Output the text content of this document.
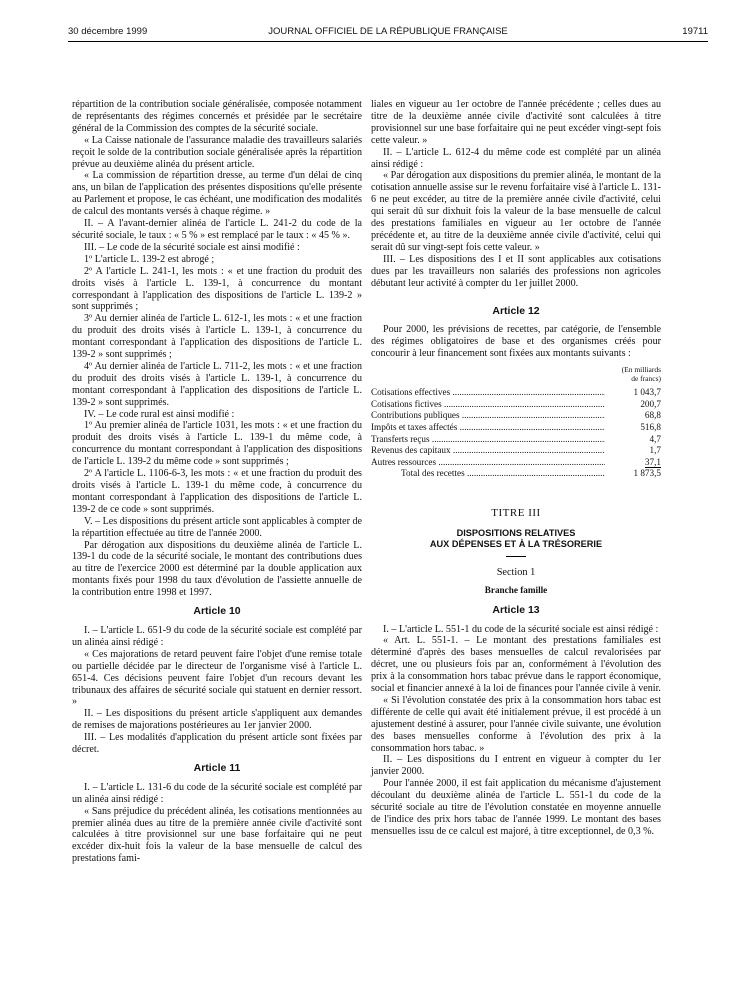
30 décembre 1999	JOURNAL OFFICIEL DE LA RÉPUBLIQUE FRANÇAISE	19711

répartition de la contribution sociale généralisée, composée notamment de représentants des régimes concernés et présidée par le secrétaire général de la Commission des comptes de la sécurité sociale.

« La Caisse nationale de l'assurance maladie des travailleurs salariés reçoit le solde de la contribution sociale généralisée après la répartition prévue au deuxième alinéa du présent article.

« La commission de répartition dresse, au terme d'un délai de cinq ans, un bilan de l'application des présentes dispositions qu'elle présente au Parlement et propose, le cas échéant, une modification des modalités de calcul des montants versés à chaque régime. »

II. – A l'avant-dernier alinéa de l'article L. 241-2 du code de la sécurité sociale, le taux : « 5 % » est remplacé par le taux : « 45 % ».

III. – Le code de la sécurité sociale est ainsi modifié :

1º L'article L. 139-2 est abrogé ;

2º A l'article L. 241-1, les mots : « et une fraction du produit des droits visés à l'article L. 139-1, à concurrence du montant correspondant à l'application des dispositions de l'article L. 139-2 » sont supprimés ;

3º Au dernier alinéa de l'article L. 612-1, les mots : « et une fraction du produit des droits visés à l'article L. 139-1, à concurrence du montant correspondant à l'application des dispositions de l'article L. 139-2 » sont supprimés ;

4º Au dernier alinéa de l'article L. 711-2, les mots : « et une fraction du produit des droits visés à l'article L. 139-1, à concurrence du montant correspondant à l'application des dispositions de l'article L. 139-2 » sont supprimés.

IV. – Le code rural est ainsi modifié :

1º Au premier alinéa de l'article 1031, les mots : « et une fraction du produit des droits visés à l'article L. 139-1 du même code, à concurrence du montant correspondant à l'application des dispositions de l'article L. 139-2 du même code » sont supprimés ;

2º A l'article L. 1106-6-3, les mots : « et une fraction du produit des droits visés à l'article L. 139-1 du même code, à concurrence du montant correspondant à l'application des dispositions de l'article L. 139-2 de ce code » sont supprimés.

V. – Les dispositions du présent article sont applicables à compter de la répartition effectuée au titre de l'année 2000.

Par dérogation aux dispositions du deuxième alinéa de l'article L. 139-1 du code de la sécurité sociale, le montant des contributions dues au titre de l'exercice 2000 est déterminé par la double application aux montants fixés pour 1998 du taux d'évolution de l'assiette annuelle de la contribution entre 1998 et 1997.

Article 10

I. – L'article L. 651-9 du code de la sécurité sociale est complété par un alinéa ainsi rédigé :

« Ces majorations de retard peuvent faire l'objet d'une remise totale ou partielle décidée par le directeur de l'organisme visé à l'article L. 651-4. Ces décisions peuvent faire l'objet d'un recours devant les tribunaux des affaires de sécurité sociale qui statuent en dernier ressort. »

II. – Les dispositions du présent article s'appliquent aux demandes de remises de majorations postérieures au 1er janvier 2000.

III. – Les modalités d'application du présent article sont fixées par décret.

Article 11

I. – L'article L. 131-6 du code de la sécurité sociale est complété par un alinéa ainsi rédigé :

« Sans préjudice du précédent alinéa, les cotisations mentionnées au premier alinéa dues au titre de la première année civile d'activité sont calculées à titre provisionnel sur une base forfaitaire qui ne peut excéder dix-huit fois la valeur de la base mensuelle de calcul des prestations fami-

liales en vigueur au 1er octobre de l'année précédente ; celles dues au titre de la deuxième année civile d'activité sont calculées à titre provisionnel sur une base forfaitaire qui ne peut excéder vingt-sept fois cette valeur. »

II. – L'article L. 612-4 du même code est complété par un alinéa ainsi rédigé :

« Par dérogation aux dispositions du premier alinéa, le montant de la cotisation annuelle assise sur le revenu forfaitaire visé à l'article L. 131-6 ne peut excéder, au titre de la première année civile d'activité, celui qui serait dû sur dixhuit fois la valeur de la base mensuelle de calcul des prestations familiales en vigueur au 1er octobre de l'année précédente et, au titre de la deuxième année civile d'activité, celui qui serait dû sur vingt-sept fois cette valeur. »

III. – Les dispositions des I et II sont applicables aux cotisations dues par les travailleurs non salariés des professions non agricoles débutant leur activité à compter du 1er juillet 2000.

Article 12

Pour 2000, les prévisions de recettes, par catégorie, de l'ensemble des régimes obligatoires de base et des organismes créés pour concourir à leur financement sont fixées aux montants suivants :

(En milliards
de francs)
Cotisations effectives .....	1 043,7
Cotisations fictives .....	200,7
Contributions publiques .....	68,8
Impôts et taxes affectés .....	516,8
Transferts reçus .....	4,7
Revenus des capitaux .....	1,7
Autres ressources .....	37,1
Total des recettes .....	1 873,5
TITRE III
DISPOSITIONS RELATIVES
AUX DÉPENSES ET À LA TRÉSORERIE
Section 1
Branche famille
Article 13

I. – L'article L. 551-1 du code de la sécurité sociale est ainsi rédigé :

« Art. L. 551-1. – Le montant des prestations familiales est déterminé d'après des bases mensuelles de calcul revalorisées par décret, une ou plusieurs fois par an, conformément à l'évolution des prix à la consommation hors tabac prévue dans le rapport économique, social et financier annexé à la loi de finances pour l'année civile à venir.

« Si l'évolution constatée des prix à la consommation hors tabac est différente de celle qui avait été initialement prévue, il est procédé à un ajustement destiné à assurer, pour l'année civile suivante, une évolution des bases mensuelles conforme à l'évolution des prix à la consommation hors tabac. »

II. – Les dispositions du I entrent en vigueur à compter du 1er janvier 2000.

Pour l'année 2000, il est fait application du mécanisme d'ajustement découlant du deuxième alinéa de l'article L. 551-1 du code de la sécurité sociale au titre de l'évolution constatée en moyenne annuelle de l'indice des prix hors tabac de l'année 1999. Le montant des bases mensuelles issu de ce calcul est majoré, à titre exceptionnel, de 0,3 %.
